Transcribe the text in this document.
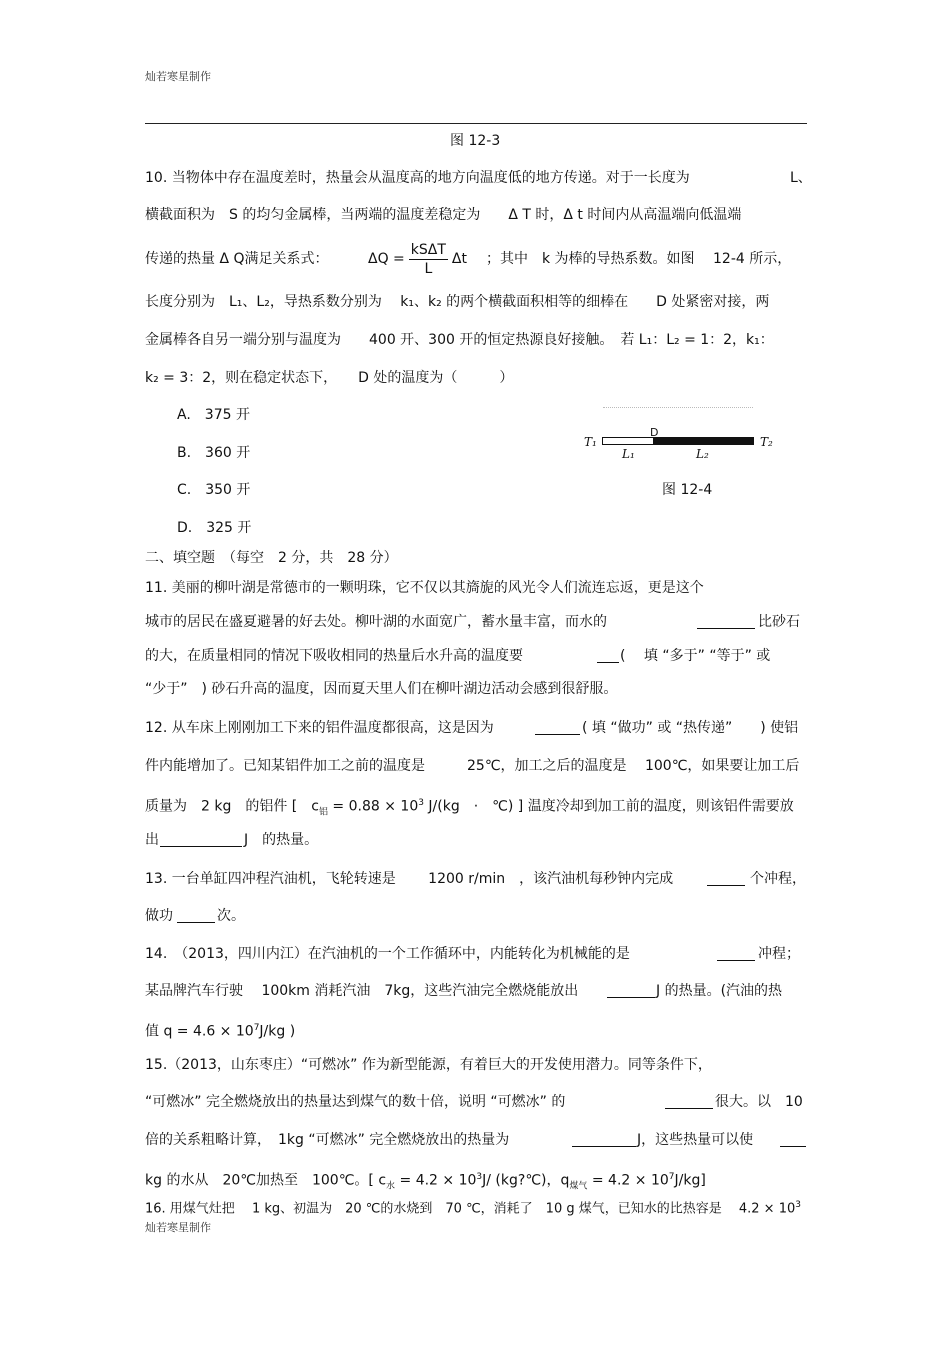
灿若寒星制作
图 12-3
10. 当物体中存在温度差时，热量会从温度高的地方向温度低的地方传递。对于一长度为	L、
横截面积为　S 的均匀金属棒，当两端的温度差稳定为　　Δ T 时，Δ t 时间内从高温端向低温端
传递的热量 Δ Q满足关系式：	$\Delta Q = \frac{\text{kSΔT}}{L}$ Δt ；其中　k 为棒的导热系数。如图　 12-4 所示，
长度分别为　L₁、L₂，导热系数分别为　 k₁、k₂ 的两个横截面积相等的细棒在　　D 处紧密对接，两
金属棒各自另一端分别与温度为　　400 开、300 开的恒定热源良好接触。　若 L₁：L₂ = 1：2，k₁：
k₂ = 3：2，则在稳定状态下，　　D 处的温度为（　　　）
A.　375 开
B.　360 开
C.　350 开
D.　325 开
T₁
D
T₂
L₁	L₂
图 12-4
二、填空题　（每空　2 分，共　28 分）
11. 美丽的柳叶湖是常德市的一颗明珠，它不仅以其旖旎的风光令人们流连忘返，更是这个
城市的居民在盛夏避暑的好去处。柳叶湖的水面宽广，蓄水量丰富，而水的	比砂石
的大，在质量相同的情况下吸收相同的热量后水升高的温度要	(　 填 “多于” “等于” 或
“少于”　) 砂石升高的温度，因而夏天里人们在柳叶湖边活动会感到很舒服。
12. 从车床上刚刚加工下来的铝件温度都很高，这是因为	( 填 “做功” 或 “热传递”　　) 使铝
件内能增加了。已知某铝件加工之前的温度是　　　25℃，加工之后的温度是　 100℃，如果要让加工后
质量为　2 kg　的铝件 [　$c_铝 = 0.88 \times 10^3$ J/(kg　·　℃) ] 温度冷却到加工前的温度，则该铝件需要放
出	J　的热量。
13. 一台单缸四冲程汽油机，飞轮转速是　　 1200 r/min　，该汽油机每秒钟内完成	个冲程，
做功	次。
14.　（2013，四川内江）在汽油机的一个工作循环中，内能转化为机械能的是	冲程；
某品牌汽车行驶　 100km 消耗汽油　7kg，这些汽油完全燃烧能放出	J 的热量。(汽油的热
值 $q = 4.6 \times 10^7J/kg$ )
15.（2013，山东枣庄）“可燃冰” 作为新型能源，有着巨大的开发使用潜力。同等条件下，
“可燃冰” 完全燃烧放出的热量达到煤气的数十倍，说明 “可燃冰” 的	很大。以　10
倍的关系粗略计算，　1kg “可燃冰” 完全燃烧放出的热量为	J，这些热量可以使
kg 的水从　20℃加热至　100℃。[ $c_水 = 4.2 \times 10^3J/$ (kg?℃)，$q_{煤气} = 4.2 \times 10^7J/kg$]
16. 用煤气灶把　 1 kg、初温为　20 ℃的水烧到　70 ℃，消耗了　10 g 煤气，已知水的比热容是　 $4.2 \times 10^3$
灿若寒星制作
